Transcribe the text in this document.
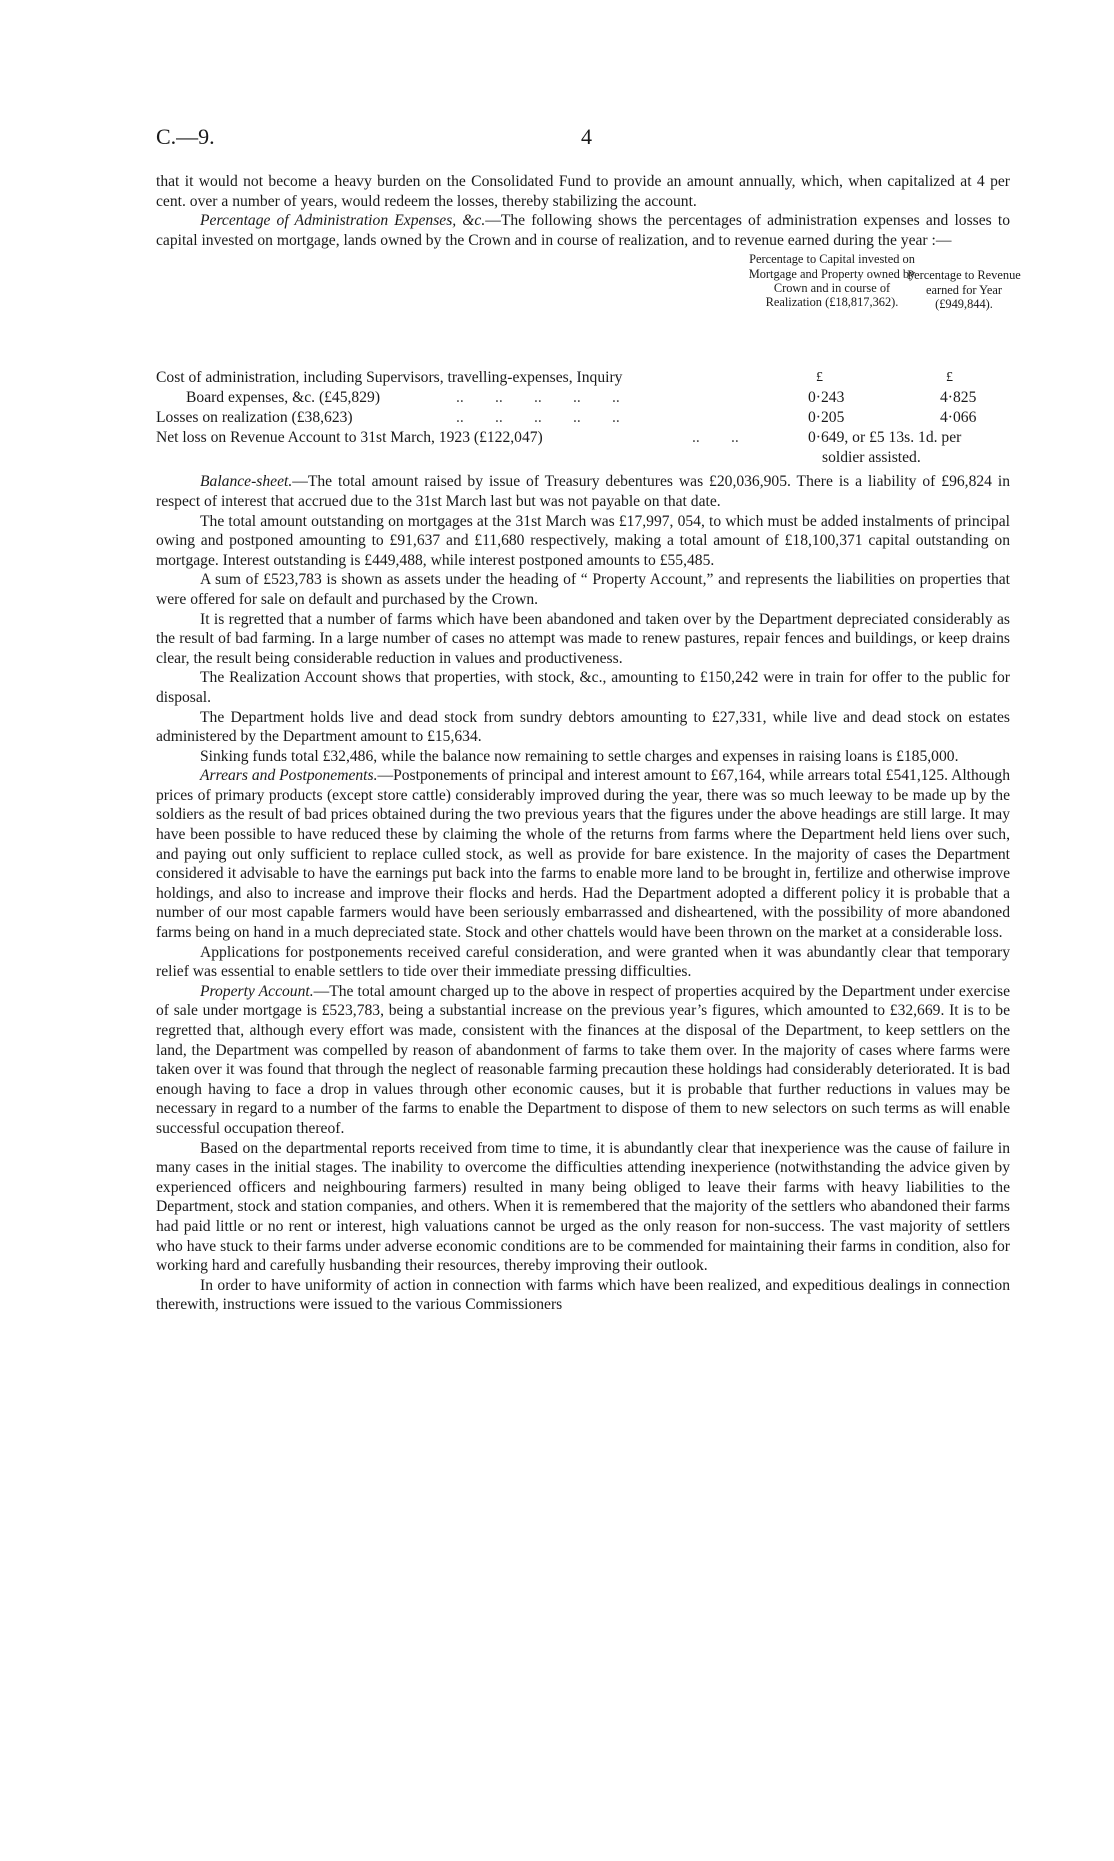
C.—9.	4

that it would not become a heavy burden on the Consolidated Fund to provide an amount annually, which, when capitalized at 4 per cent. over a number of years, would redeem the losses, thereby stabilizing the account.

Percentage of Administration Expenses, &c.—The following shows the percentages of administration expenses and losses to capital invested on mortgage, lands owned by the Crown and in course of realization, and to revenue earned during the year :—

Percentage to Capital invested on Mortgage and Property owned by Crown and in course of Realization (£18,817,362).
Percentage to Revenue earned for Year (£949,844).
Cost of administration, including Supervisors, travelling-expenses, Inquiry	£	£
Board expenses, &c. (£45,829)	..        ..        ..        ..        ..	0·243	4·825
Losses on realization (£38,623)	..        ..        ..        ..        ..	0·205	4·066
Net loss on Revenue Account to 31st March, 1923 (£122,047)	..        ..	0·649, or £5 13s. 1d. per
soldier assisted.

Balance-sheet.—The total amount raised by issue of Treasury debentures was £20,036,905. There is a liability of £96,824 in respect of interest that accrued due to the 31st March last but was not payable on that date.

The total amount outstanding on mortgages at the 31st March was £17,997, 054, to which must be added instalments of principal owing and postponed amounting to £91,637 and £11,680 respectively, making a total amount of £18,100,371 capital outstanding on mortgage. Interest outstanding is £449,488, while interest postponed amounts to £55,485.

A sum of £523,783 is shown as assets under the heading of “ Property Account,” and represents the liabilities on properties that were offered for sale on default and purchased by the Crown.

It is regretted that a number of farms which have been abandoned and taken over by the Department depreciated considerably as the result of bad farming. In a large number of cases no attempt was made to renew pastures, repair fences and buildings, or keep drains clear, the result being considerable reduction in values and productiveness.

The Realization Account shows that properties, with stock, &c., amounting to £150,242 were in train for offer to the public for disposal.

The Department holds live and dead stock from sundry debtors amounting to £27,331, while live and dead stock on estates administered by the Department amount to £15,634.

Sinking funds total £32,486, while the balance now remaining to settle charges and expenses in raising loans is £185,000.

Arrears and Postponements.—Postponements of principal and interest amount to £67,164, while arrears total £541,125. Although prices of primary products (except store cattle) considerably improved during the year, there was so much leeway to be made up by the soldiers as the result of bad prices obtained during the two previous years that the figures under the above headings are still large. It may have been possible to have reduced these by claiming the whole of the returns from farms where the Department held liens over such, and paying out only sufficient to replace culled stock, as well as provide for bare existence. In the majority of cases the Department considered it advisable to have the earnings put back into the farms to enable more land to be brought in, fertilize and otherwise improve holdings, and also to increase and improve their flocks and herds. Had the Department adopted a different policy it is probable that a number of our most capable farmers would have been seriously embarrassed and disheartened, with the possibility of more abandoned farms being on hand in a much depreciated state. Stock and other chattels would have been thrown on the market at a considerable loss.

Applications for postponements received careful consideration, and were granted when it was abundantly clear that temporary relief was essential to enable settlers to tide over their immediate pressing difficulties.

Property Account.—The total amount charged up to the above in respect of properties acquired by the Department under exercise of sale under mortgage is £523,783, being a substantial increase on the previous year’s figures, which amounted to £32,669. It is to be regretted that, although every effort was made, consistent with the finances at the disposal of the Department, to keep settlers on the land, the Department was compelled by reason of abandonment of farms to take them over. In the majority of cases where farms were taken over it was found that through the neglect of reasonable farming precaution these holdings had considerably deteriorated. It is bad enough having to face a drop in values through other economic causes, but it is probable that further reductions in values may be necessary in regard to a number of the farms to enable the Department to dispose of them to new selectors on such terms as will enable successful occupation thereof.

Based on the departmental reports received from time to time, it is abundantly clear that inexperience was the cause of failure in many cases in the initial stages. The inability to overcome the difficulties attending inexperience (notwithstanding the advice given by experienced officers and neighbouring farmers) resulted in many being obliged to leave their farms with heavy liabilities to the Department, stock and station companies, and others. When it is remembered that the majority of the settlers who abandoned their farms had paid little or no rent or interest, high valuations cannot be urged as the only reason for non-success. The vast majority of settlers who have stuck to their farms under adverse economic conditions are to be commended for maintaining their farms in condition, also for working hard and carefully husbanding their resources, thereby improving their outlook.

In order to have uniformity of action in connection with farms which have been realized, and expeditious dealings in connection therewith, instructions were issued to the various Commissioners
